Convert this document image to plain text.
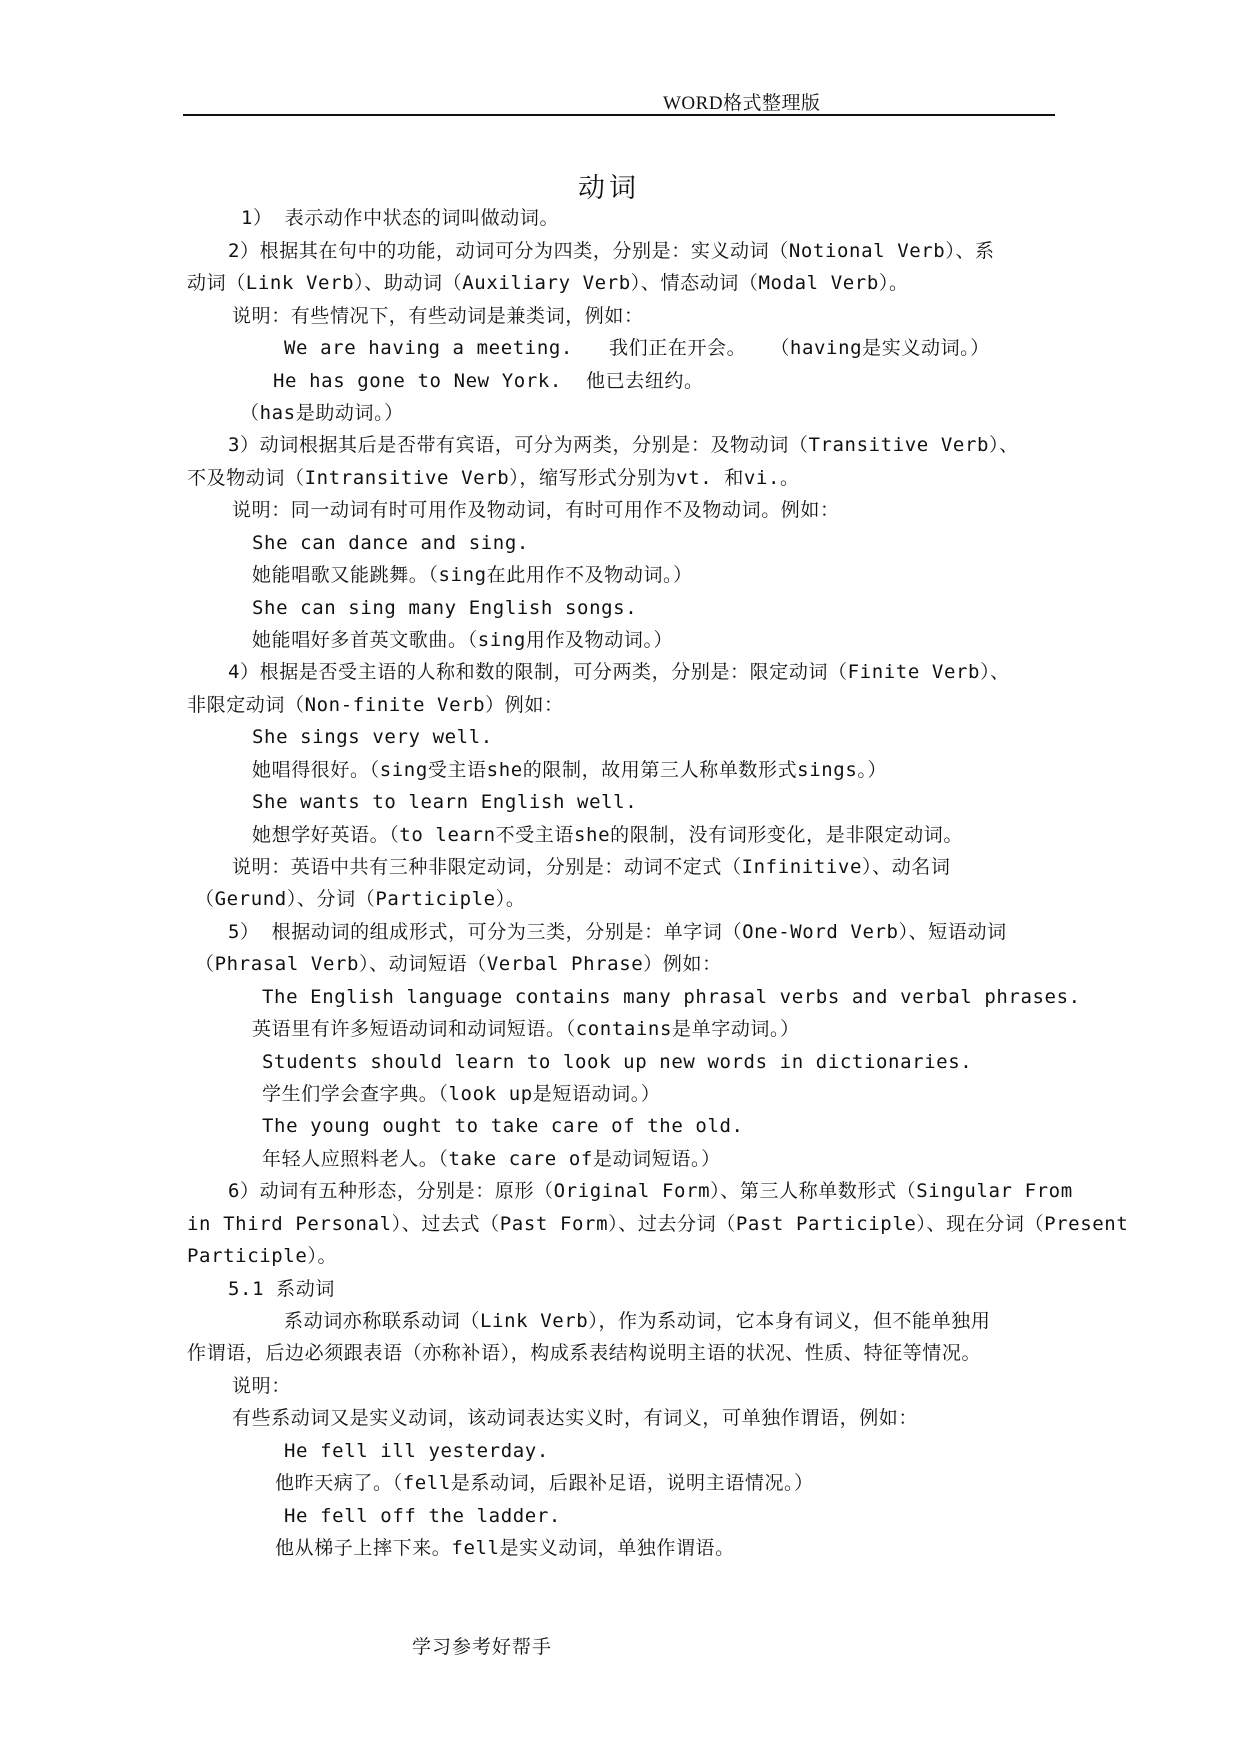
WORD格式整理版
动词
1） 表示动作中状态的词叫做动词。
2）根据其在句中的功能，动词可分为四类，分别是：实义动词（Notional Verb）、系
动词（Link Verb）、助动词（Auxiliary Verb）、情态动词（Modal Verb）。
说明：有些情况下，有些动词是兼类词，例如：
We are having a meeting.   我们正在开会。  （having是实义动词。）
He has gone to New York.  他已去纽约。
（has是助动词。）
3）动词根据其后是否带有宾语，可分为两类，分别是：及物动词（Transitive Verb）、
不及物动词（Intransitive Verb），缩写形式分别为vt. 和vi.。
说明：同一动词有时可用作及物动词，有时可用作不及物动词。例如：
She can dance and sing.
她能唱歌又能跳舞。（sing在此用作不及物动词。）
She can sing many English songs.
她能唱好多首英文歌曲。（sing用作及物动词。）
4）根据是否受主语的人称和数的限制，可分两类，分别是：限定动词（Finite Verb）、
非限定动词（Non-finite Verb）例如：
She sings very well.
她唱得很好。（sing受主语she的限制，故用第三人称单数形式sings。）
She wants to learn English well.
她想学好英语。（to learn不受主语she的限制，没有词形变化，是非限定动词。
说明：英语中共有三种非限定动词，分别是：动词不定式（Infinitive）、动名词
（Gerund）、分词（Participle）。
5） 根据动词的组成形式，可分为三类，分别是：单字词（One-Word Verb）、短语动词
（Phrasal Verb）、动词短语（Verbal Phrase）例如：
The English language contains many phrasal verbs and verbal phrases.
英语里有许多短语动词和动词短语。（contains是单字动词。）
Students should learn to look up new words in dictionaries.
学生们学会查字典。（look up是短语动词。）
The young ought to take care of the old.
年轻人应照料老人。（take care of是动词短语。）
6）动词有五种形态，分别是：原形（Original Form）、第三人称单数形式（Singular From
in Third Personal）、过去式（Past Form）、过去分词（Past Participle）、现在分词（Present
Participle）。
5.1 系动词
系动词亦称联系动词（Link Verb），作为系动词，它本身有词义，但不能单独用
作谓语，后边必须跟表语（亦称补语），构成系表结构说明主语的状况、性质、特征等情况。
说明：
有些系动词又是实义动词，该动词表达实义时，有词义，可单独作谓语，例如：
He fell ill yesterday.
他昨天病了。（fell是系动词，后跟补足语，说明主语情况。）
He fell off the ladder.
他从梯子上摔下来。fell是实义动词，单独作谓语。
学习参考好帮手
